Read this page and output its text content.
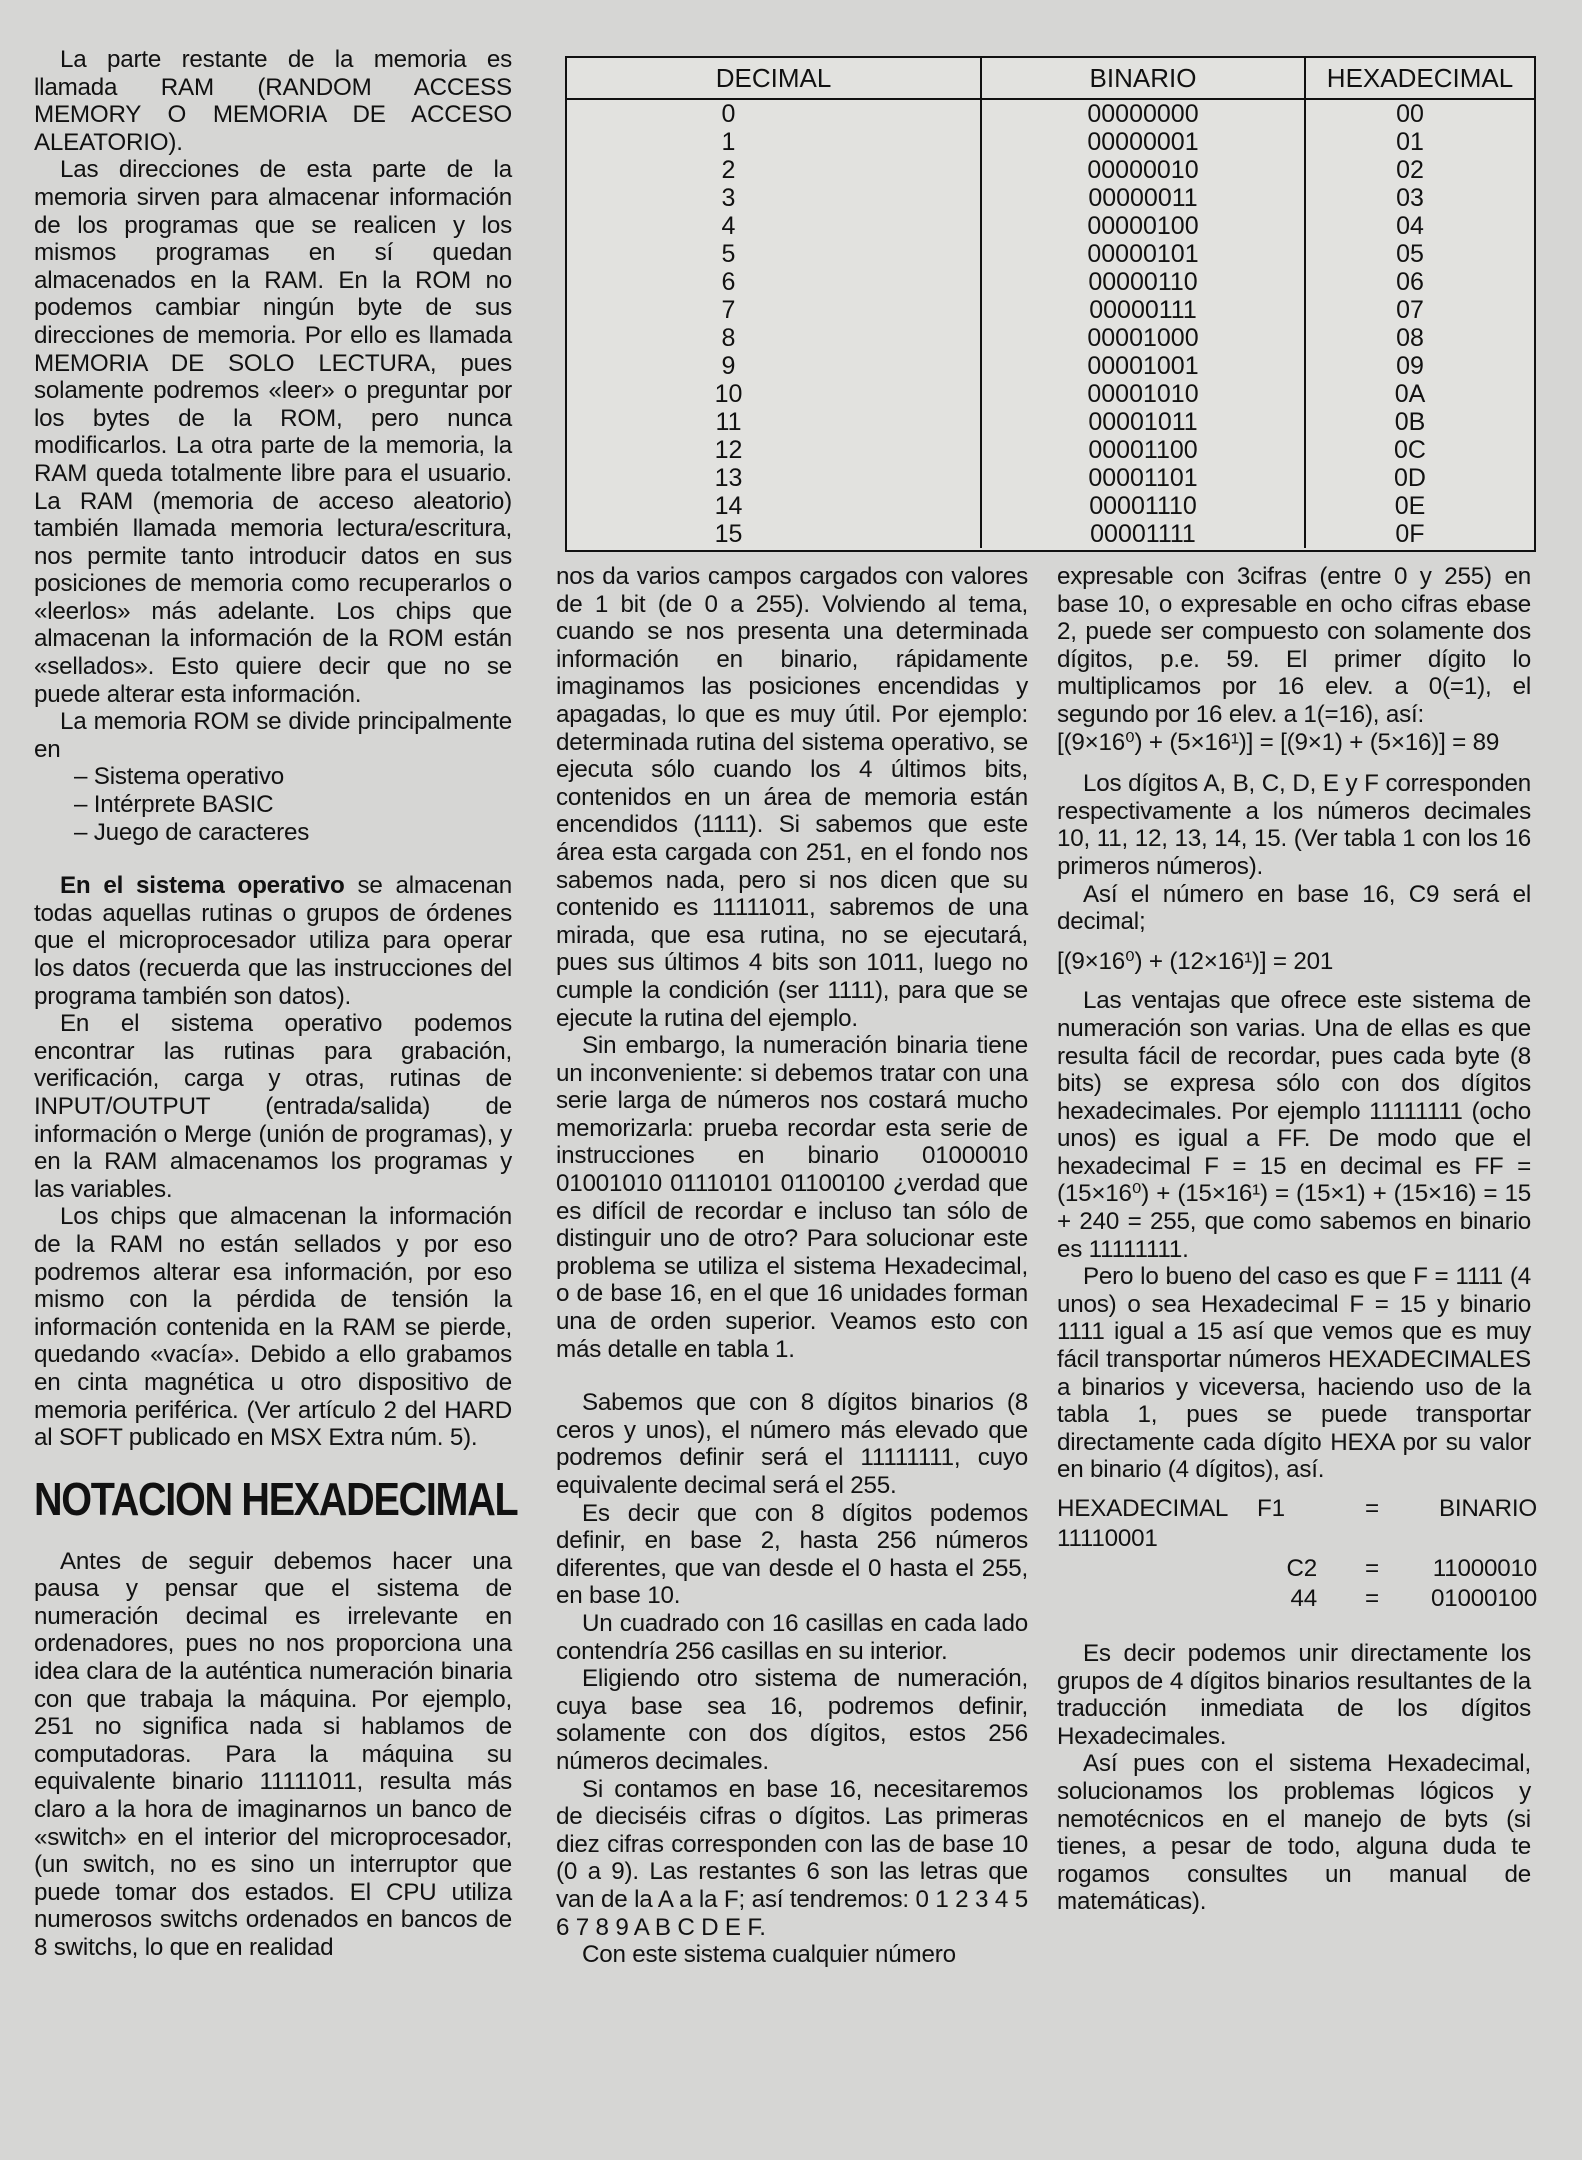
DECIMAL	BINARIO	HEXADECIMAL
0	00000000	00
1	00000001	01
2	00000010	02
3	00000011	03
4	00000100	04
5	00000101	05
6	00000110	06
7	00000111	07
8	00001000	08
9	00001001	09
10	00001010	0A
11	00001011	0B
12	00001100	0C
13	00001101	0D
14	00001110	0E
15	00001111	0F

La parte restante de la memoria es llamada RAM (RANDOM ACCESS MEMORY O MEMORIA DE ACCESO ALEATORIO).

Las direcciones de esta parte de la memoria sirven para almacenar información de los programas que se realicen y los mismos programas en sí quedan almacenados en la RAM. En la ROM no podemos cambiar ningún byte de sus direcciones de memoria. Por ello es llamada MEMORIA DE SOLO LECTURA, pues solamente podremos «leer» o preguntar por los bytes de la ROM, pero nunca modificarlos. La otra parte de la memoria, la RAM queda totalmente libre para el usuario. La RAM (memoria de acceso aleatorio) también llamada memoria lectura/escritura, nos permite tanto introducir datos en sus posiciones de memoria como recuperarlos o «leerlos» más adelante. Los chips que almacenan la información de la ROM están «sellados». Esto quiere decir que no se puede alterar esta información.

La memoria ROM se divide principalmente en

– Sistema operativo

– Intérprete BASIC

– Juego de caracteres

En el sistema operativo se almacenan todas aquellas rutinas o grupos de órdenes que el microprocesador utiliza para operar los datos (recuerda que las instrucciones del programa también son datos).

En el sistema operativo podemos encontrar las rutinas para grabación, verificación, carga y otras, rutinas de INPUT/OUTPUT (entrada/salida) de información o Merge (unión de programas), y en la RAM almacenamos los programas y las variables.

Los chips que almacenan la información de la RAM no están sellados y por eso podremos alterar esa información, por eso mismo con la pérdida de tensión la información contenida en la RAM se pierde, quedando «vacía». Debido a ello grabamos en cinta magnética u otro dispositivo de memoria periférica. (Ver artículo 2 del HARD al SOFT publicado en MSX Extra núm. 5).

NOTACION HEXADECIMAL

Antes de seguir debemos hacer una pausa y pensar que el sistema de numeración decimal es irrelevante en ordenadores, pues no nos proporciona una idea clara de la auténtica numeración binaria con que trabaja la máquina. Por ejemplo, 251 no significa nada si hablamos de computadoras. Para la máquina su equivalente binario 11111011, resulta más claro a la hora de imaginarnos un banco de «switch» en el interior del microprocesador, (un switch, no es sino un interruptor que puede tomar dos estados. El CPU utiliza numerosos switchs ordenados en bancos de 8 switchs, lo que en realidad

nos da varios campos cargados con valores de 1 bit (de 0 a 255). Volviendo al tema, cuando se nos presenta una determinada información en binario, rápidamente imaginamos las posiciones encendidas y apagadas, lo que es muy útil. Por ejemplo: determinada rutina del sistema operativo, se ejecuta sólo cuando los 4 últimos bits, contenidos en un área de memoria están encendidos (1111). Si sabemos que este área esta cargada con 251, en el fondo nos sabemos nada, pero si nos dicen que su contenido es 11111011, sabremos de una mirada, que esa rutina, no se ejecutará, pues sus últimos 4 bits son 1011, luego no cumple la condición (ser 1111), para que se ejecute la rutina del ejemplo.

Sin embargo, la numeración binaria tiene un inconveniente: si debemos tratar con una serie larga de números nos costará mucho memorizarla: prueba recordar esta serie de instrucciones en binario 01000010 01001010 01110101 01100100 ¿verdad que es difícil de recordar e incluso tan sólo de distinguir uno de otro? Para solucionar este problema se utiliza el sistema Hexadecimal, o de base 16, en el que 16 unidades forman una de orden superior. Veamos esto con más detalle en tabla 1.

Sabemos que con 8 dígitos binarios (8 ceros y unos), el número más elevado que podremos definir será el 11111111, cuyo equivalente decimal será el 255.

Es decir que con 8 dígitos podemos definir, en base 2, hasta 256 números diferentes, que van desde el 0 hasta el 255, en base 10.

Un cuadrado con 16 casillas en cada lado contendría 256 casillas en su interior.

Eligiendo otro sistema de numeración, cuya base sea 16, podremos definir, solamente con dos dígitos, estos 256 números decimales.

Si contamos en base 16, necesitaremos de dieciséis cifras o dígitos. Las primeras diez cifras corresponden con las de base 10 (0 a 9). Las restantes 6 son las letras que van de la A a la F; así tendremos: 0 1 2 3 4 5 6 7 8 9 A B C D E F.

Con este sistema cualquier número

expresable con 3cifras (entre 0 y 255) en base 10, o expresable en ocho cifras ebase 2, puede ser compuesto con solamente dos dígitos, p.e. 59. El primer dígito lo multiplicamos por 16 elev. a 0(=1), el segundo por 16 elev. a 1(=16), así:

[(9×16⁰) + (5×16¹)] = [(9×1) + (5×16)] = 89

Los dígitos A, B, C, D, E y F corresponden respectivamente a los números decimales 10, 11, 12, 13, 14, 15. (Ver tabla 1 con los 16 primeros números).

Así el número en base 16, C9 será el decimal;

[(9×16⁰) + (12×16¹)] = 201

Las ventajas que ofrece este sistema de numeración son varias. Una de ellas es que resulta fácil de recordar, pues cada byte (8 bits) se expresa sólo con dos dígitos hexadecimales. Por ejemplo 11111111 (ocho unos) es igual a FF. De modo que el hexadecimal F = 15 en decimal es FF = (15×16⁰) + (15×16¹) = (15×1) + (15×16) = 15 + 240 = 255, que como sabemos en binario es 11111111.

Pero lo bueno del caso es que F = 1111 (4 unos) o sea Hexadecimal F = 15 y binario 1111 igual a 15 así que vemos que es muy fácil transportar números HEXADECIMALES a binarios y viceversa, haciendo uso de la tabla 1, pues se puede transportar directamente cada dígito HEXA por su valor en binario (4 dígitos), así.

HEXADECIMAL	F1	=	BINARIO
11110001
C2	=	11000010
44	=	01000100

Es decir podemos unir directamente los grupos de 4 dígitos binarios resultantes de la traducción inmediata de los dígitos Hexadecimales.

Así pues con el sistema Hexadecimal, solucionamos los problemas lógicos y nemotécnicos en el manejo de byts (si tienes, a pesar de todo, alguna duda te rogamos consultes un manual de matemáticas).
